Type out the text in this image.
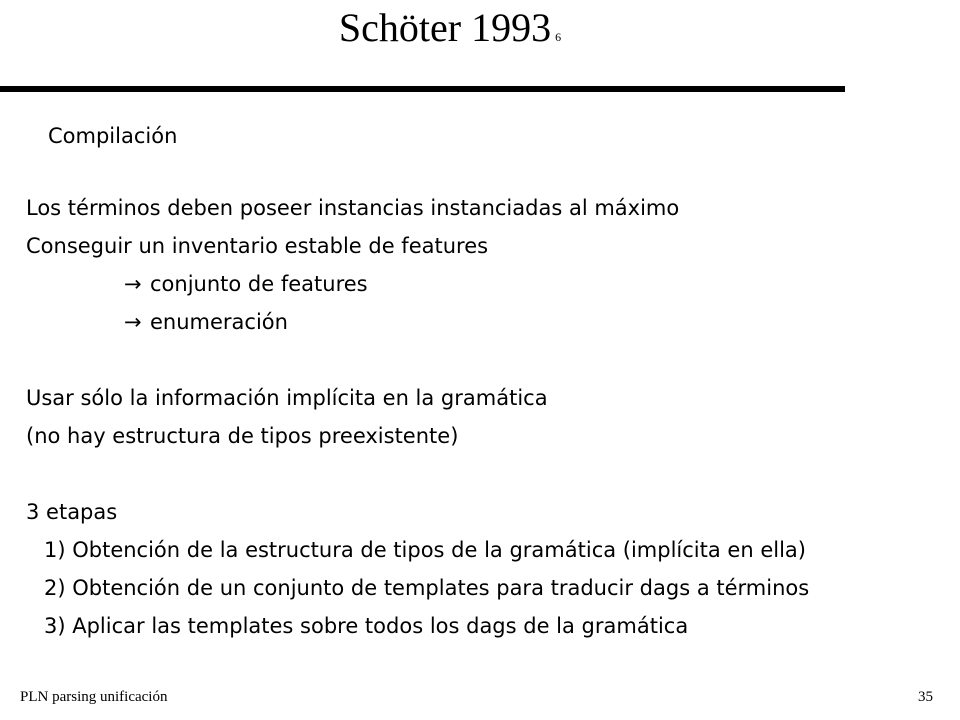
Schöter 1993 6
Compilación
Los términos deben poseer instancias instanciadas al máximo
Conseguir un inventario estable de features
→ conjunto de features
→ enumeración
Usar sólo la información implícita en la gramática
(no hay estructura de tipos preexistente)
3 etapas
1) Obtención de la estructura de tipos de la gramática (implícita en ella)
2) Obtención de un conjunto de templates para traducir dags a términos
3) Aplicar las templates sobre todos los dags de la gramática
PLN parsing unificación	35
